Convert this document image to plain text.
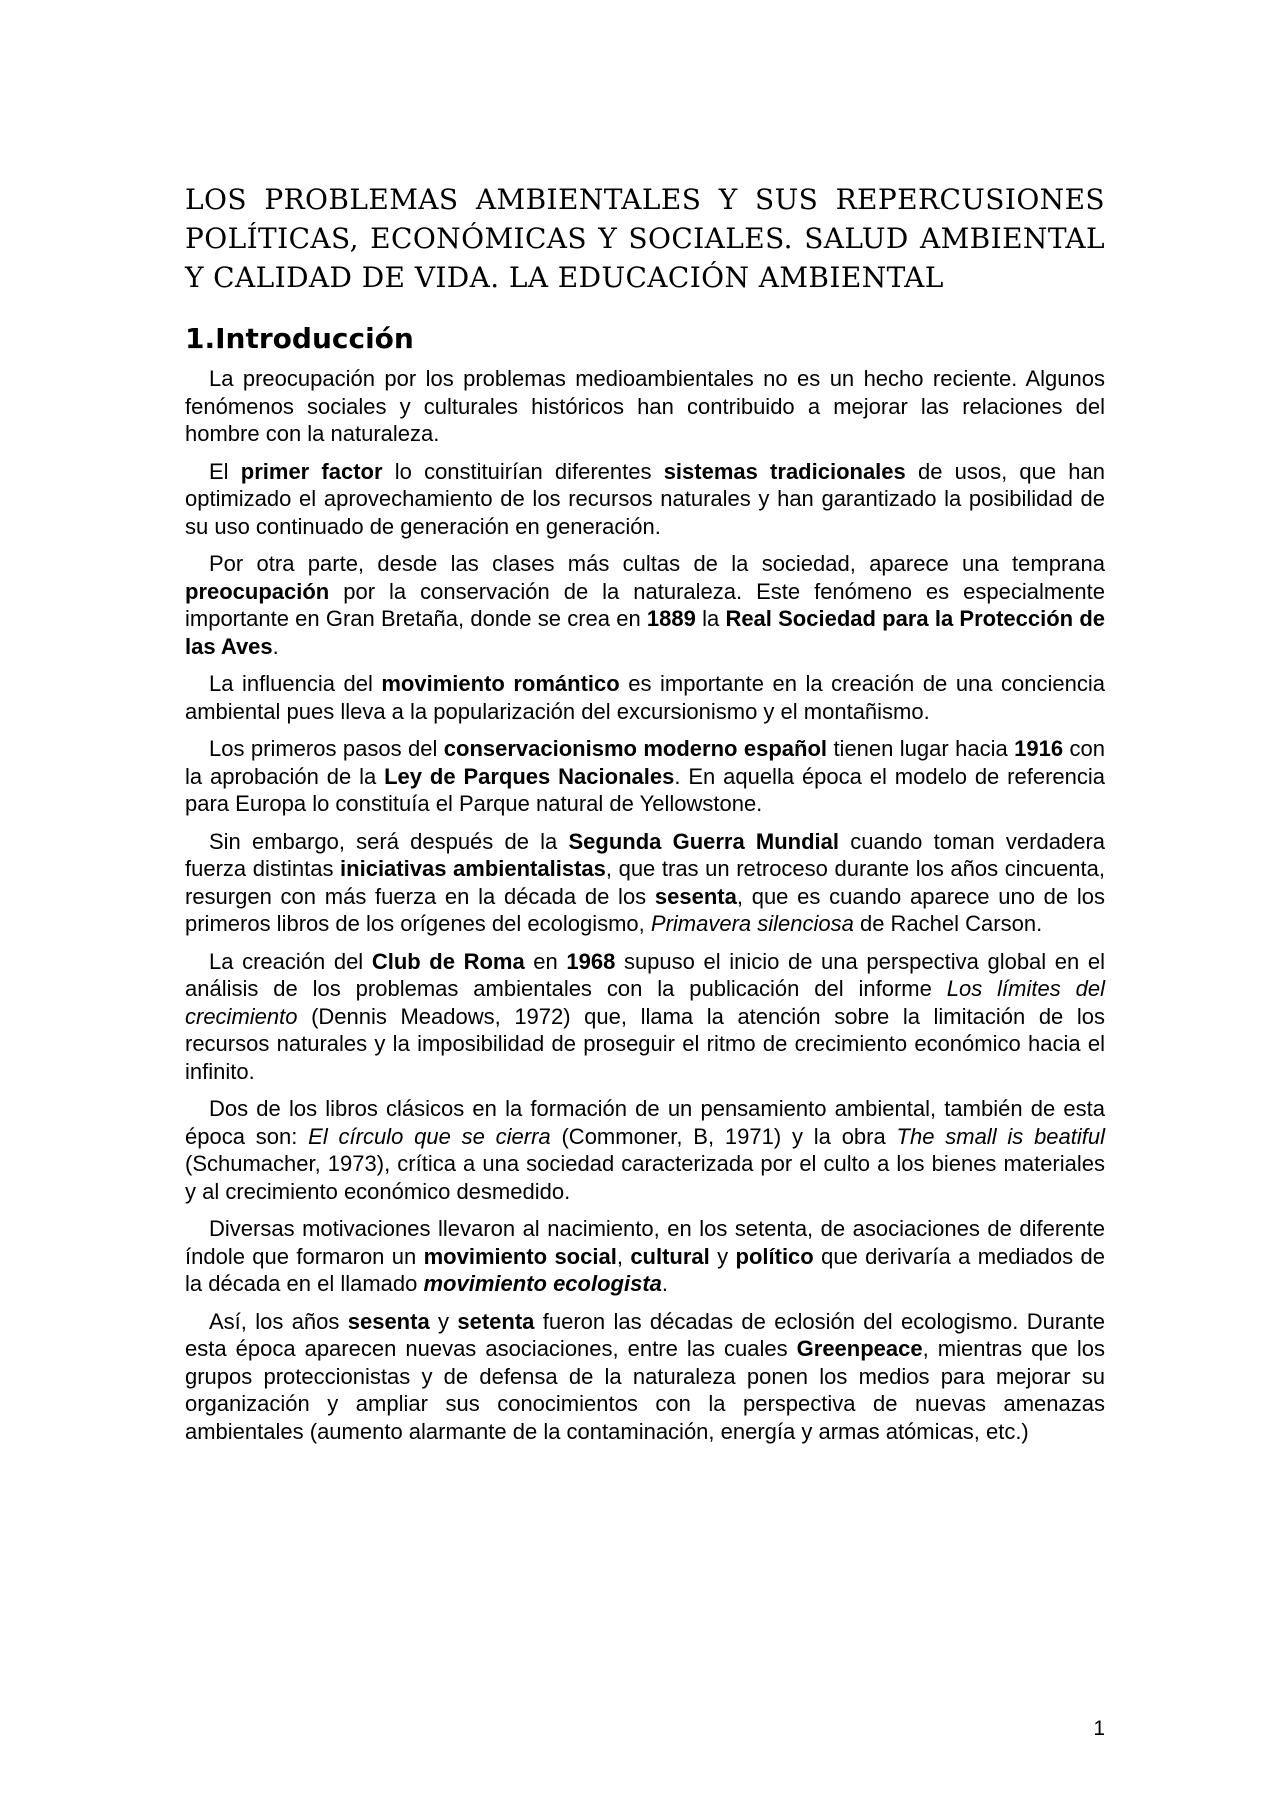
LOS PROBLEMAS AMBIENTALES Y SUS REPERCUSIONES POLÍTICAS, ECONÓMICAS Y SOCIALES. SALUD AMBIENTAL Y CALIDAD DE VIDA. LA EDUCACIÓN AMBIENTAL
1.Introducción

La preocupación por los problemas medioambientales no es un hecho reciente. Algunos fenómenos sociales y culturales históricos han contribuido a mejorar las relaciones del hombre con la naturaleza.

El primer factor lo constituirían diferentes sistemas tradicionales de usos, que han optimizado el aprovechamiento de los recursos naturales y han garantizado la posibilidad de su uso continuado de generación en generación.

Por otra parte, desde las clases más cultas de la sociedad, aparece una temprana preocupación por la conservación de la naturaleza. Este fenómeno es especialmente importante en Gran Bretaña, donde se crea en 1889 la Real Sociedad para la Protección de las Aves.

La influencia del movimiento romántico es importante en la creación de una conciencia ambiental pues lleva a la popularización del excursionismo y el montañismo.

Los primeros pasos del conservacionismo moderno español tienen lugar hacia 1916 con la aprobación de la Ley de Parques Nacionales. En aquella época el modelo de referencia para Europa lo constituía el Parque natural de Yellowstone.

Sin embargo, será después de la Segunda Guerra Mundial cuando toman verdadera fuerza distintas iniciativas ambientalistas, que tras un retroceso durante los años cincuenta, resurgen con más fuerza en la década de los sesenta, que es cuando aparece uno de los primeros libros de los orígenes del ecologismo, Primavera silenciosa de Rachel Carson.

La creación del Club de Roma en 1968 supuso el inicio de una perspectiva global en el análisis de los problemas ambientales con la publicación del informe Los límites del crecimiento (Dennis Meadows, 1972) que, llama la atención sobre la limitación de los recursos naturales y la imposibilidad de proseguir el ritmo de crecimiento económico hacia el infinito.

Dos de los libros clásicos en la formación de un pensamiento ambiental, también de esta época son: El círculo que se cierra (Commoner, B, 1971) y la obra The small is beatiful (Schumacher, 1973), crítica a una sociedad caracterizada por el culto a los bienes materiales y al crecimiento económico desmedido.

Diversas motivaciones llevaron al nacimiento, en los setenta, de asociaciones de diferente índole que formaron un movimiento social, cultural y político que derivaría a mediados de la década en el llamado movimiento ecologista.

Así, los años sesenta y setenta fueron las décadas de eclosión del ecologismo. Durante esta época aparecen nuevas asociaciones, entre las cuales Greenpeace, mientras que los grupos proteccionistas y de defensa de la naturaleza ponen los medios para mejorar su organización y ampliar sus conocimientos con la perspectiva de nuevas amenazas ambientales (aumento alarmante de la contaminación, energía y armas atómicas, etc.)

1
